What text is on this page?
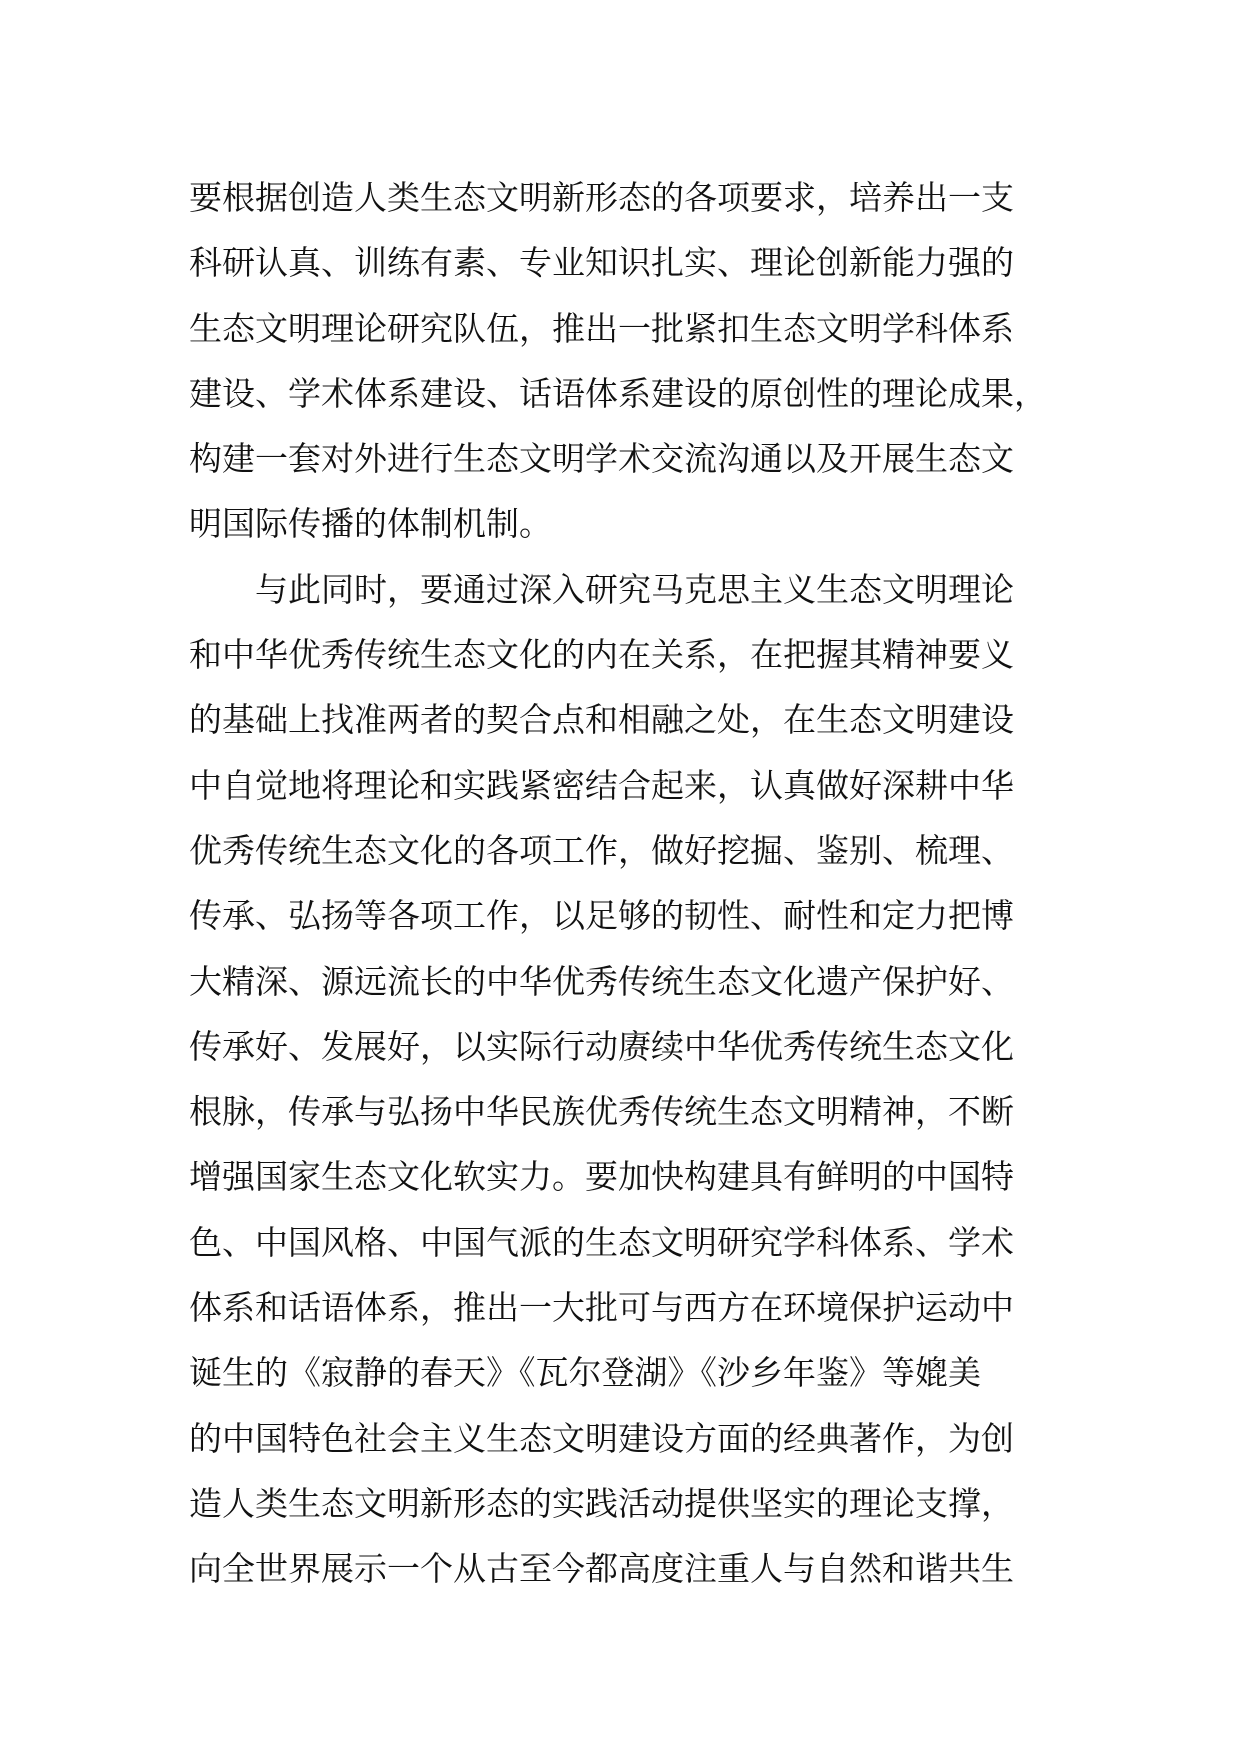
要根据创造人类生态文明新形态的各项要求，培养出一支
科研认真、训练有素、专业知识扎实、理论创新能力强的
生态文明理论研究队伍，推出一批紧扣生态文明学科体系
建设、学术体系建设、话语体系建设的原创性的理论成果，
构建一套对外进行生态文明学术交流沟通以及开展生态文
明国际传播的体制机制。
　　与此同时，要通过深入研究马克思主义生态文明理论
和中华优秀传统生态文化的内在关系，在把握其精神要义
的基础上找准两者的契合点和相融之处，在生态文明建设
中自觉地将理论和实践紧密结合起来，认真做好深耕中华
优秀传统生态文化的各项工作，做好挖掘、鉴别、梳理、
传承、弘扬等各项工作，以足够的韧性、耐性和定力把博
大精深、源远流长的中华优秀传统生态文化遗产保护好、
传承好、发展好，以实际行动赓续中华优秀传统生态文化
根脉，传承与弘扬中华民族优秀传统生态文明精神，不断
增强国家生态文化软实力。要加快构建具有鲜明的中国特
色、中国风格、中国气派的生态文明研究学科体系、学术
体系和话语体系，推出一大批可与西方在环境保护运动中
诞生的《寂静的春天》《瓦尔登湖》《沙乡年鉴》等媲美
的中国特色社会主义生态文明建设方面的经典著作，为创
造人类生态文明新形态的实践活动提供坚实的理论支撑，
向全世界展示一个从古至今都高度注重人与自然和谐共生
